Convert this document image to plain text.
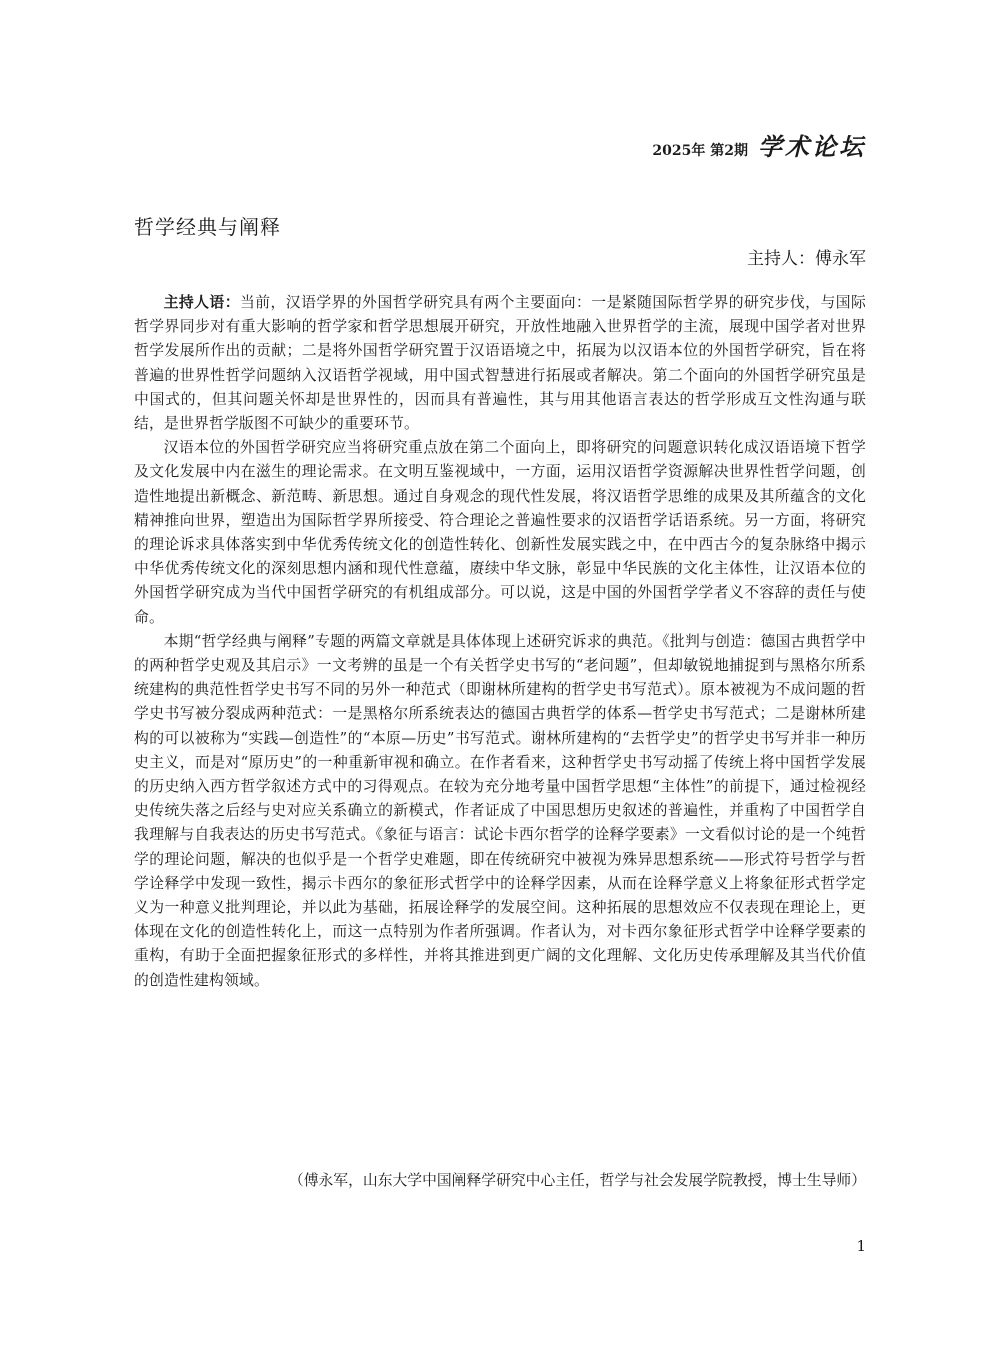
2025年 第2期 学术论坛
哲学经典与阐释
主持人：傅永军

主持人语：当前，汉语学界的外国哲学研究具有两个主要面向：一是紧随国际哲学界的研究步伐，与国际哲学界同步对有重大影响的哲学家和哲学思想展开研究，开放性地融入世界哲学的主流，展现中国学者对世界哲学发展所作出的贡献；二是将外国哲学研究置于汉语语境之中，拓展为以汉语本位的外国哲学研究，旨在将普遍的世界性哲学问题纳入汉语哲学视域，用中国式智慧进行拓展或者解决。第二个面向的外国哲学研究虽是中国式的，但其问题关怀却是世界性的，因而具有普遍性，其与用其他语言表达的哲学形成互文性沟通与联结，是世界哲学版图不可缺少的重要环节。

汉语本位的外国哲学研究应当将研究重点放在第二个面向上，即将研究的问题意识转化成汉语语境下哲学及文化发展中内在滋生的理论需求。在文明互鉴视域中，一方面，运用汉语哲学资源解决世界性哲学问题，创造性地提出新概念、新范畴、新思想。通过自身观念的现代性发展，将汉语哲学思维的成果及其所蕴含的文化精神推向世界，塑造出为国际哲学界所接受、符合理论之普遍性要求的汉语哲学话语系统。另一方面，将研究的理论诉求具体落实到中华优秀传统文化的创造性转化、创新性发展实践之中，在中西古今的复杂脉络中揭示中华优秀传统文化的深刻思想内涵和现代性意蕴，赓续中华文脉，彰显中华民族的文化主体性，让汉语本位的外国哲学研究成为当代中国哲学研究的有机组成部分。可以说，这是中国的外国哲学学者义不容辞的责任与使命。

本期“哲学经典与阐释”专题的两篇文章就是具体体现上述研究诉求的典范。《批判与创造：德国古典哲学中的两种哲学史观及其启示》一文考辨的虽是一个有关哲学史书写的“老问题”，但却敏锐地捕捉到与黑格尔所系统建构的典范性哲学史书写不同的另外一种范式（即谢林所建构的哲学史书写范式）。原本被视为不成问题的哲学史书写被分裂成两种范式：一是黑格尔所系统表达的德国古典哲学的体系—哲学史书写范式；二是谢林所建构的可以被称为“实践—创造性”的“本原—历史”书写范式。谢林所建构的“去哲学史”的哲学史书写并非一种历史主义，而是对“原历史”的一种重新审视和确立。在作者看来，这种哲学史书写动摇了传统上将中国哲学发展的历史纳入西方哲学叙述方式中的习得观点。在较为充分地考量中国哲学思想“主体性”的前提下，通过检视经史传统失落之后经与史对应关系确立的新模式，作者证成了中国思想历史叙述的普遍性，并重构了中国哲学自我理解与自我表达的历史书写范式。《象征与语言：试论卡西尔哲学的诠释学要素》一文看似讨论的是一个纯哲学的理论问题，解决的也似乎是一个哲学史难题，即在传统研究中被视为殊异思想系统——形式符号哲学与哲学诠释学中发现一致性，揭示卡西尔的象征形式哲学中的诠释学因素，从而在诠释学意义上将象征形式哲学定义为一种意义批判理论，并以此为基础，拓展诠释学的发展空间。这种拓展的思想效应不仅表现在理论上，更体现在文化的创造性转化上，而这一点特别为作者所强调。作者认为，对卡西尔象征形式哲学中诠释学要素的重构，有助于全面把握象征形式的多样性，并将其推进到更广阔的文化理解、文化历史传承理解及其当代价值的创造性建构领域。

（傅永军，山东大学中国阐释学研究中心主任，哲学与社会发展学院教授，博士生导师）
1
